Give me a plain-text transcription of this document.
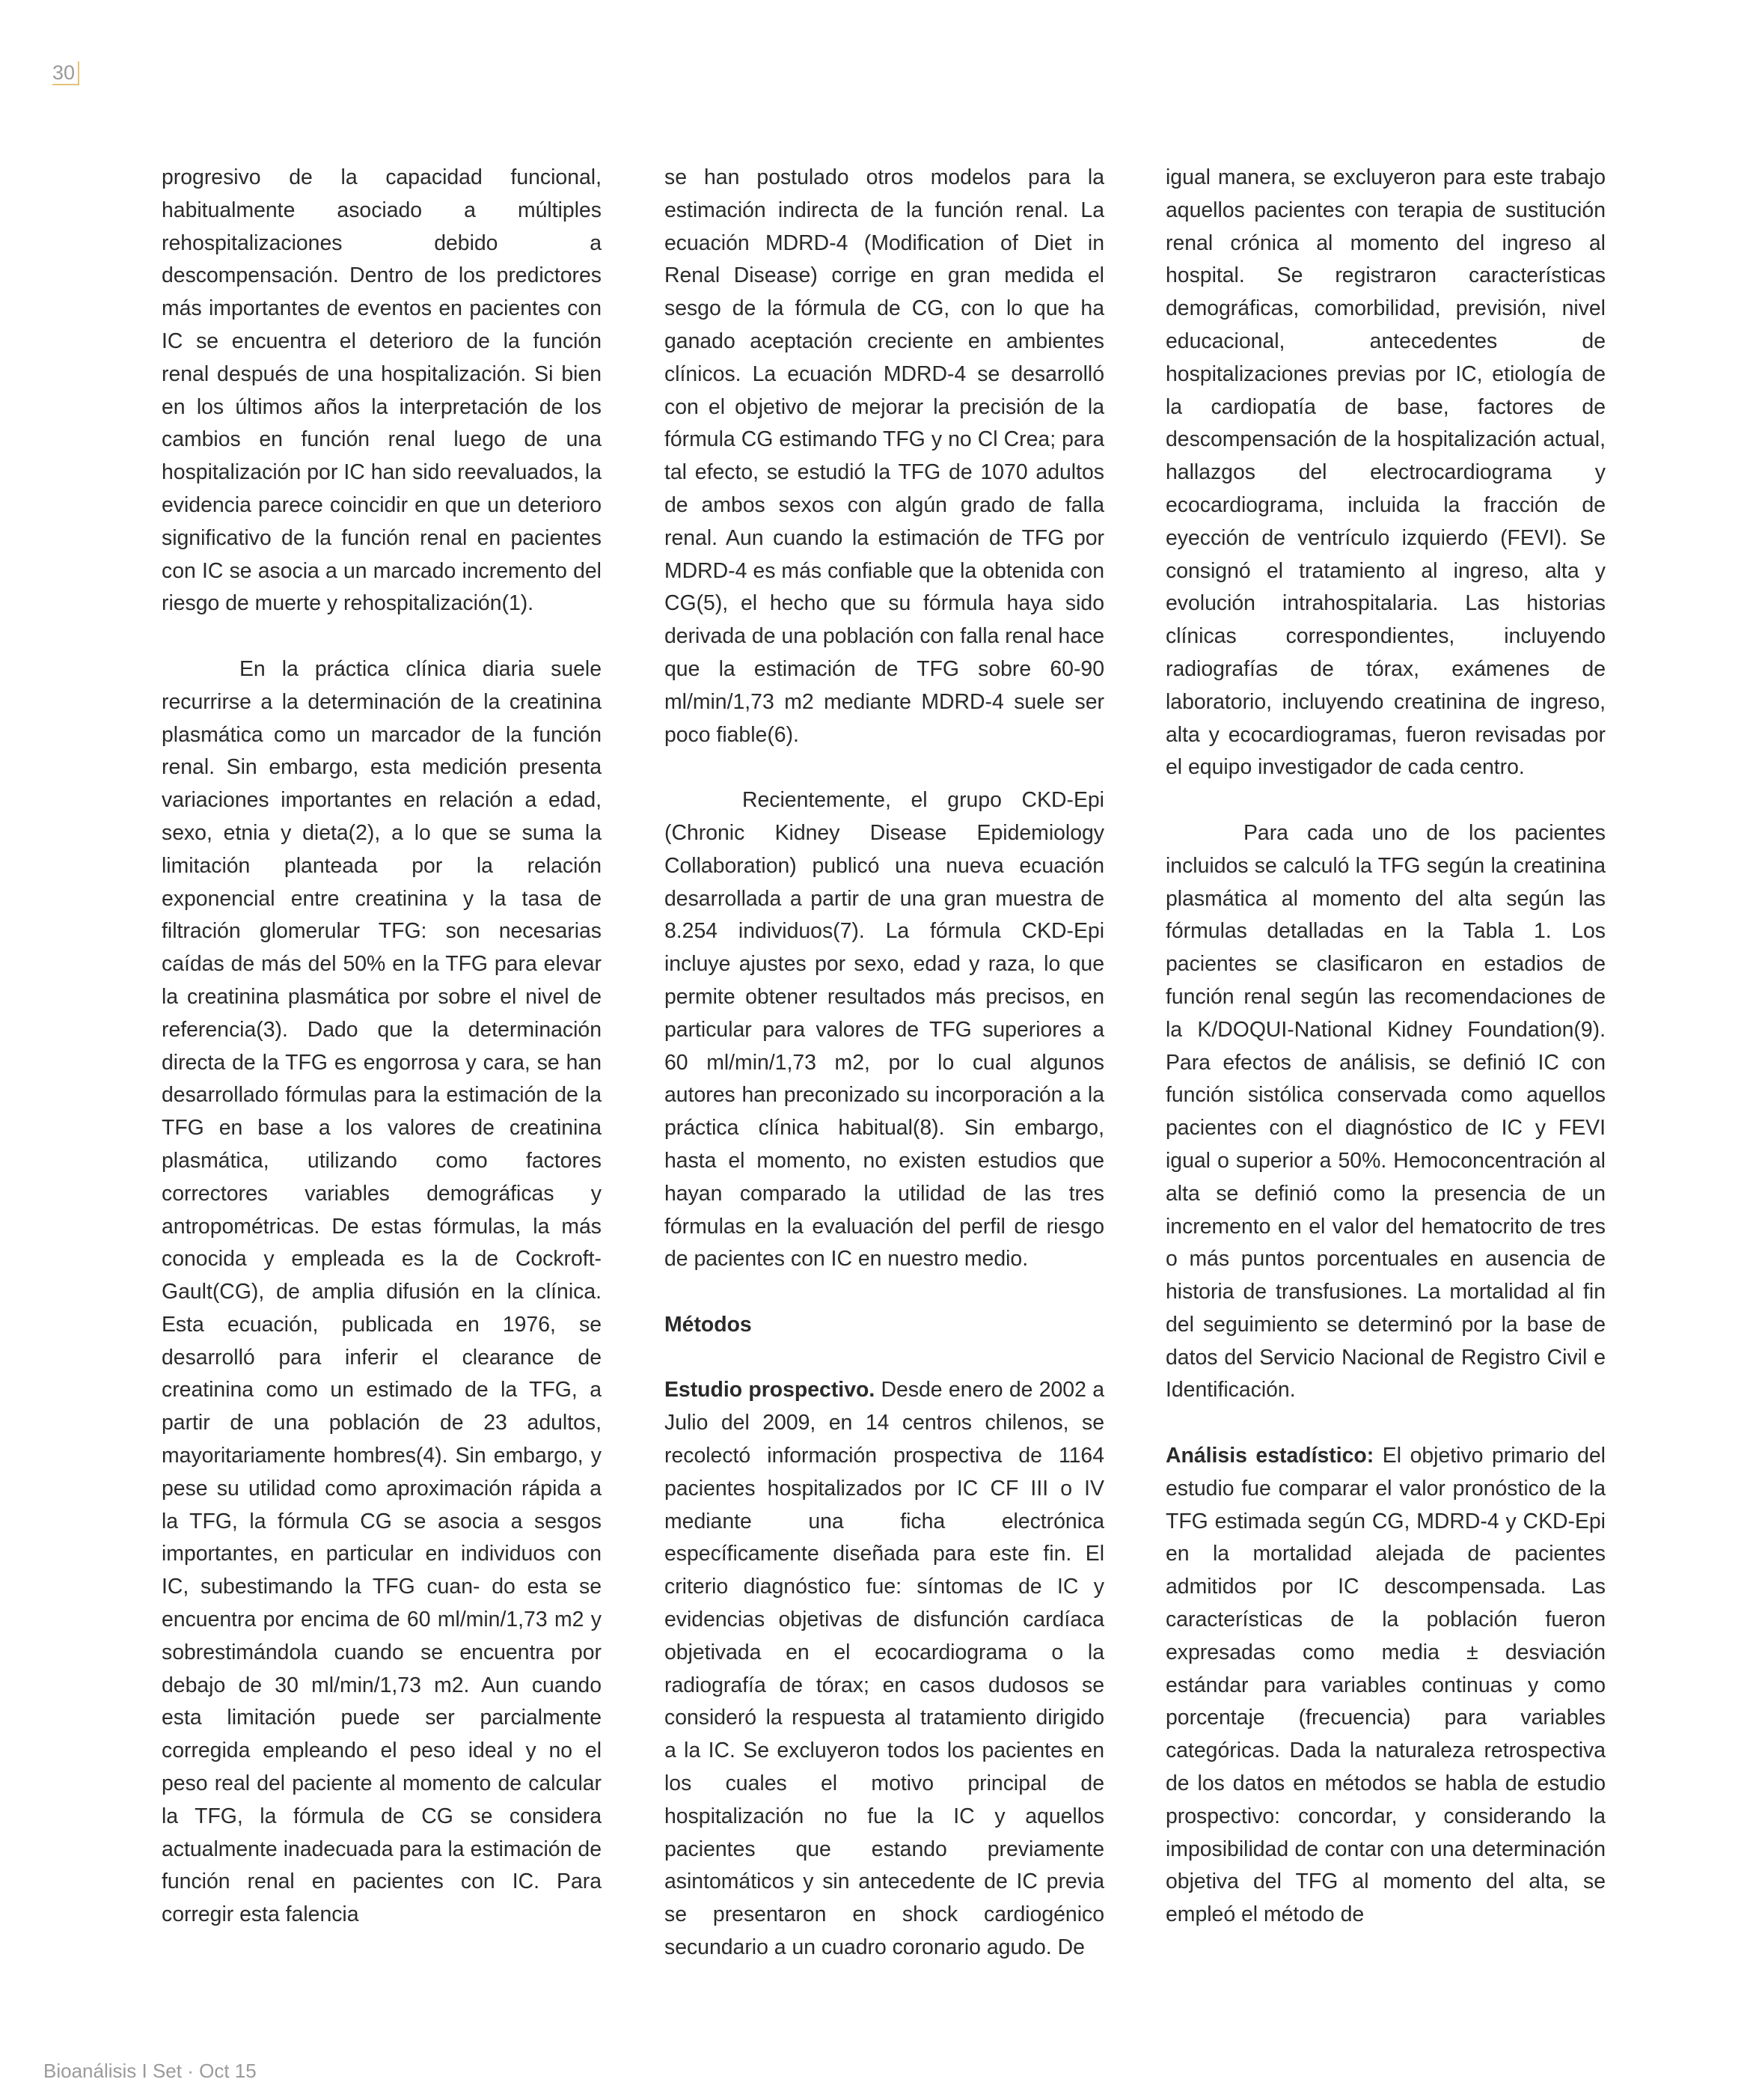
30

progresivo de la capacidad funcional, habitualmente asociado a múltiples rehospitalizaciones debido a descompensación. Dentro de los predictores más importantes de eventos en pacientes con IC se encuentra el deterioro de la función renal después de una hospitalización. Si bien en los últimos años la interpretación de los cambios en función renal luego de una hospitalización por IC han sido reevaluados, la evidencia parece coincidir en que un deterioro significativo de la función renal en pacientes con IC se asocia a un marcado incremento del riesgo de muerte y rehospitalización(1).

En la práctica clínica diaria suele recurrirse a la determinación de la creatinina plasmática como un marcador de la función renal. Sin embargo, esta medición presenta variaciones importantes en relación a edad, sexo, etnia y dieta(2), a lo que se suma la limitación planteada por la relación exponencial entre creatinina y la tasa de filtración glomerular TFG: son necesarias caídas de más del 50% en la TFG para elevar la creatinina plasmática por sobre el nivel de referencia(3). Dado que la determinación directa de la TFG es engorrosa y cara, se han desarrollado fórmulas para la estimación de la TFG en base a los valores de creatinina plasmática, utilizando como factores correctores variables demográficas y antropométricas. De estas fórmulas, la más conocida y empleada es la de Cockroft-Gault(CG), de amplia difusión en la clínica. Esta ecuación, publicada en 1976, se desarrolló para inferir el clearance de creatinina como un estimado de la TFG, a partir de una población de 23 adultos, mayoritariamente hombres(4). Sin embargo, y pese su utilidad como aproximación rápida a la TFG, la fórmula CG se asocia a sesgos importantes, en particular en individuos con IC, subestimando la TFG cuan- do esta se encuentra por encima de 60 ml/min/1,73 m2 y sobrestimándola cuando se encuentra por debajo de 30 ml/min/1,73 m2. Aun cuando esta limitación puede ser parcialmente corregida empleando el peso ideal y no el peso real del paciente al momento de calcular la TFG, la fórmula de CG se considera actualmente inadecuada para la estimación de función renal en pacientes con IC. Para corregir esta falencia

se han postulado otros modelos para la estimación indirecta de la función renal. La ecuación MDRD-4 (Modification of Diet in Renal Disease) corrige en gran medida el sesgo de la fórmula de CG, con lo que ha ganado aceptación creciente en ambientes clínicos. La ecuación MDRD-4 se desarrolló con el objetivo de mejorar la precisión de la fórmula CG estimando TFG y no Cl Crea; para tal efecto, se estudió la TFG de 1070 adultos de ambos sexos con algún grado de falla renal. Aun cuando la estimación de TFG por MDRD-4 es más confiable que la obtenida con CG(5), el hecho que su fórmula haya sido derivada de una población con falla renal hace que la estimación de TFG sobre 60-90 ml/min/1,73 m2 mediante MDRD-4 suele ser poco fiable(6).

Recientemente, el grupo CKD-Epi (Chronic Kidney Disease Epidemiology Collaboration) publicó una nueva ecuación desarrollada a partir de una gran muestra de 8.254 individuos(7). La fórmula CKD-Epi incluye ajustes por sexo, edad y raza, lo que permite obtener resultados más precisos, en particular para valores de TFG superiores a 60 ml/min/1,73 m2, por lo cual algunos autores han preconizado su incorporación a la práctica clínica habitual(8). Sin embargo, hasta el momento, no existen estudios que hayan comparado la utilidad de las tres fórmulas en la evaluación del perfil de riesgo de pacientes con IC en nuestro medio.

Métodos

Estudio prospectivo. Desde enero de 2002 a Julio del 2009, en 14 centros chilenos, se recolectó información prospectiva de 1164 pacientes hospitalizados por IC CF III o IV mediante una ficha electrónica específicamente diseñada para este fin. El criterio diagnóstico fue: síntomas de IC y evidencias objetivas de disfunción cardíaca objetivada en el ecocardiograma o la radiografía de tórax; en casos dudosos se consideró la respuesta al tratamiento dirigido a la IC. Se excluyeron todos los pacientes en los cuales el motivo principal de hospitalización no fue la IC y aquellos pacientes que estando previamente asintomáticos y sin antecedente de IC previa se presentaron en shock cardiogénico secundario a un cuadro coronario agudo. De

igual manera, se excluyeron para este trabajo aquellos pacientes con terapia de sustitución renal crónica al momento del ingreso al hospital. Se registraron características demográficas, comorbilidad, previsión, nivel educacional, antecedentes de hospitalizaciones previas por IC, etiología de la cardiopatía de base, factores de descompensación de la hospitalización actual, hallazgos del electrocardiograma y ecocardiograma, incluida la fracción de eyección de ventrículo izquierdo (FEVI). Se consignó el tratamiento al ingreso, alta y evolución intrahospitalaria. Las historias clínicas correspondientes, incluyendo radiografías de tórax, exámenes de laboratorio, incluyendo creatinina de ingreso, alta y ecocardiogramas, fueron revisadas por el equipo investigador de cada centro.

Para cada uno de los pacientes incluidos se calculó la TFG según la creatinina plasmática al momento del alta según las fórmulas detalladas en la Tabla 1. Los pacientes se clasificaron en estadios de función renal según las recomendaciones de la K/DOQUI-National Kidney Foundation(9). Para efectos de análisis, se definió IC con función sistólica conservada como aquellos pacientes con el diagnóstico de IC y FEVI igual o superior a 50%. Hemoconcentración al alta se definió como la presencia de un incremento en el valor del hematocrito de tres o más puntos porcentuales en ausencia de historia de transfusiones. La mortalidad al fin del seguimiento se determinó por la base de datos del Servicio Nacional de Registro Civil e Identificación.

Análisis estadístico: El objetivo primario del estudio fue comparar el valor pronóstico de la TFG estimada según CG, MDRD-4 y CKD-Epi en la mortalidad alejada de pacientes admitidos por IC descompensada. Las características de la población fueron expresadas como media ± desviación estándar para variables continuas y como porcentaje (frecuencia) para variables categóricas. Dada la naturaleza retrospectiva de los datos en métodos se habla de estudio prospectivo: concordar, y considerando la imposibilidad de contar con una determinación objetiva del TFG al momento del alta, se empleó el método de

Bioanálisis I Set · Oct 15
